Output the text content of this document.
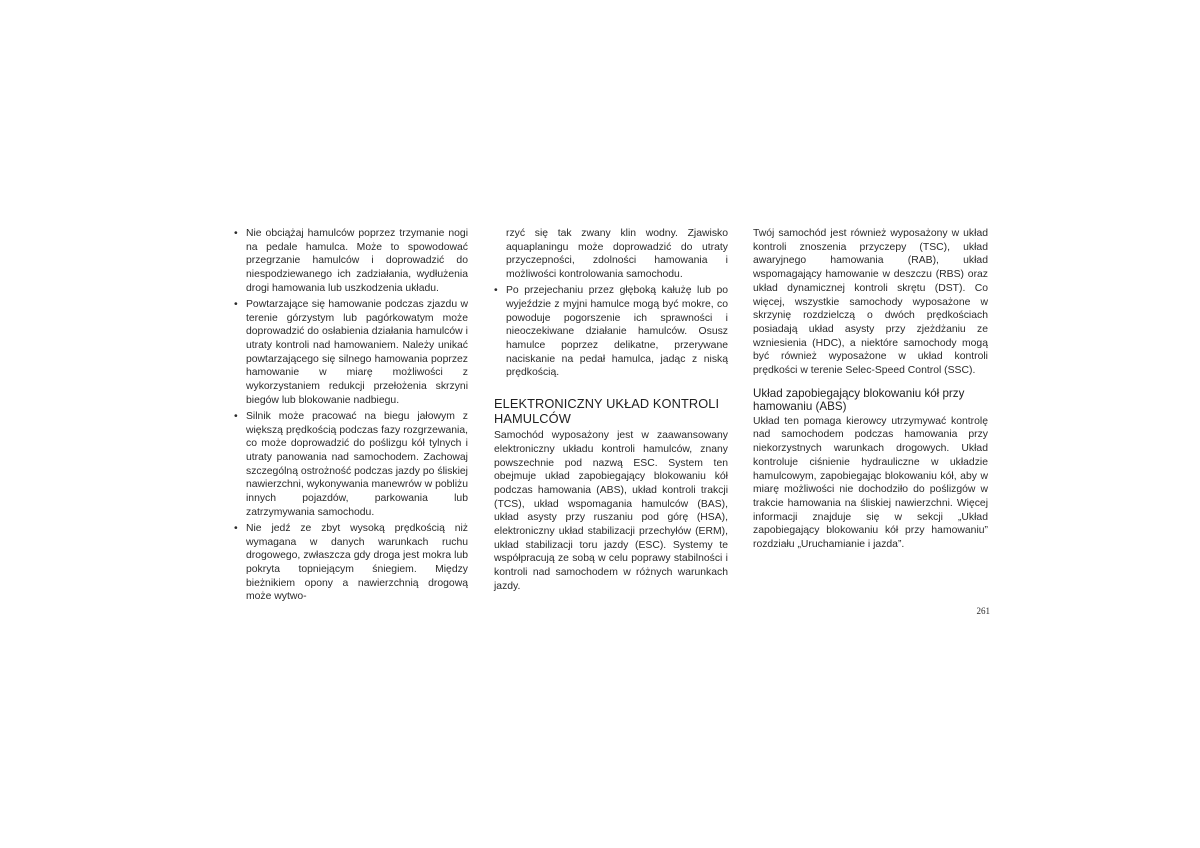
• Nie obciążaj hamulców poprzez trzymanie nogi na pedale hamulca. Może to spowodować przegrzanie hamulców i doprowadzić do niespodziewanego ich zadziałania, wydłużenia drogi hamowania lub uszkodzenia układu.
• Powtarzające się hamowanie podczas zjazdu w terenie górzystym lub pagórkowatym może doprowadzić do osłabienia działania hamulców i utraty kontroli nad hamowaniem. Należy unikać powtarzającego się silnego hamowania poprzez hamowanie w miarę możliwości z wykorzystaniem redukcji przełożenia skrzyni biegów lub blokowanie nadbiegu.
• Silnik może pracować na biegu jałowym z większą prędkością podczas fazy rozgrzewania, co może doprowadzić do poślizgu kół tylnych i utraty panowania nad samochodem. Zachowaj szczególną ostrożność podczas jazdy po śliskiej nawierzchni, wykonywania manewrów w pobliżu innych pojazdów, parkowania lub zatrzymywania samochodu.
• Nie jedź ze zbyt wysoką prędkością niż wymagana w danych warunkach ruchu drogowego, zwłaszcza gdy droga jest mokra lub pokryta topniejącym śniegiem. Między bieżnikiem opony a nawierzchnią drogową może wytwo-

rzyć się tak zwany klin wodny. Zjawisko aquaplaningu może doprowadzić do utraty przyczepności, zdolności hamowania i możliwości kontrolowania samochodu.

• Po przejechaniu przez głęboką kałużę lub po wyjeździe z myjni hamulce mogą być mokre, co powoduje pogorszenie ich sprawności i nieoczekiwane działanie hamulców. Osusz hamulce poprzez delikatne, przerywane naciskanie na pedał hamulca, jadąc z niską prędkością.
ELEKTRONICZNY UKŁAD KONTROLI HAMULCÓW

Samochód wyposażony jest w zaawansowany elektroniczny układu kontroli hamulców, znany powszechnie pod nazwą ESC. System ten obejmuje układ zapobiegający blokowaniu kół podczas hamowania (ABS), układ kontroli trakcji (TCS), układ wspomagania hamulców (BAS), układ asysty przy ruszaniu pod górę (HSA), elektroniczny układ stabilizacji przechyłów (ERM), układ stabilizacji toru jazdy (ESC). Systemy te współpracują ze sobą w celu poprawy stabilności i kontroli nad samochodem w różnych warunkach jazdy.

Twój samochód jest również wyposażony w układ kontroli znoszenia przyczepy (TSC), układ awaryjnego hamowania (RAB), układ wspomagający hamowanie w deszczu (RBS) oraz układ dynamicznej kontroli skrętu (DST). Co więcej, wszystkie samochody wyposażone w skrzynię rozdzielczą o dwóch prędkościach posiadają układ asysty przy zjeżdżaniu ze wzniesienia (HDC), a niektóre samochody mogą być również wyposażone w układ kontroli prędkości w terenie Selec-Speed Control (SSC).

Układ zapobiegający blokowaniu kół przy hamowaniu (ABS)

Układ ten pomaga kierowcy utrzymywać kontrolę nad samochodem podczas hamowania przy niekorzystnych warunkach drogowych. Układ kontroluje ciśnienie hydrauliczne w układzie hamulcowym, zapobiegając blokowaniu kół, aby w miarę możliwości nie dochodziło do poślizgów w trakcie hamowania na śliskiej nawierzchni. Więcej informacji znajduje się w sekcji „Układ zapobiegający blokowaniu kół przy hamowaniu” rozdziału „Uruchamianie i jazda”.

261
